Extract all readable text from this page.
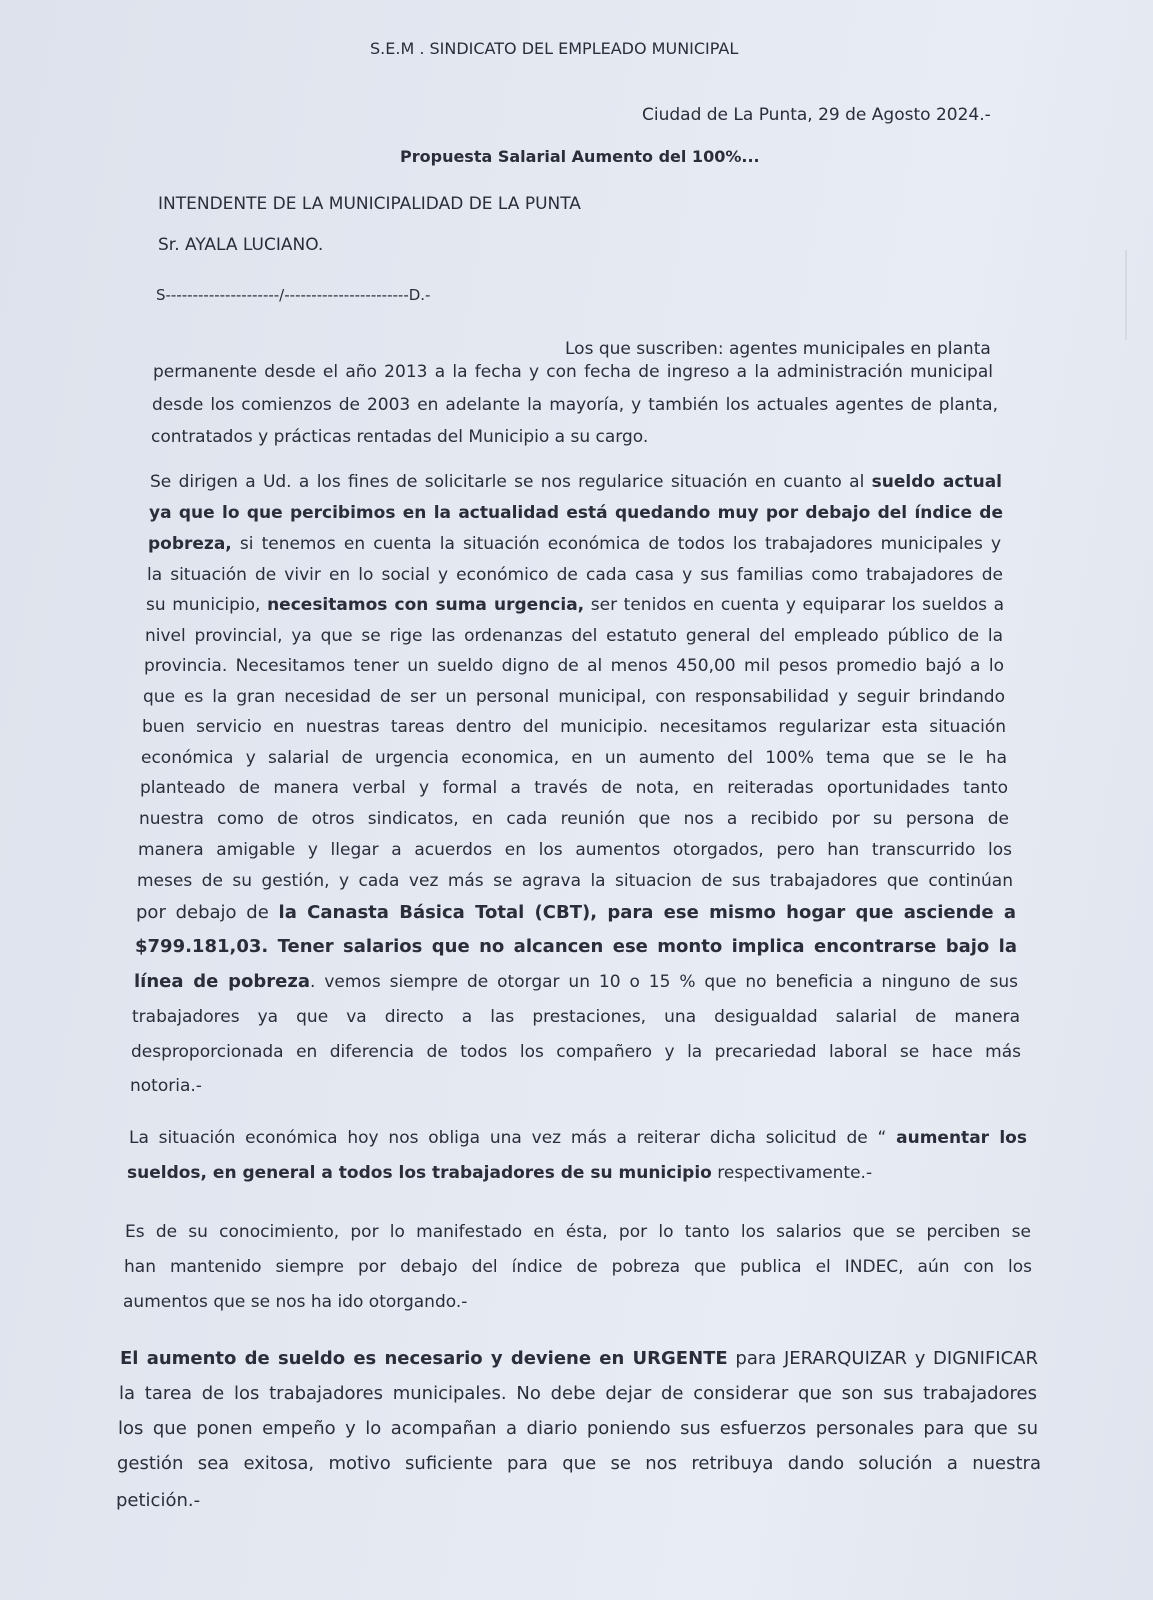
S.E.M . SINDICATO DEL EMPLEADO MUNICIPAL
Ciudad de La Punta, 29 de Agosto 2024.-
Propuesta Salarial Aumento del 100%...
INTENDENTE DE LA MUNICIPALIDAD DE LA PUNTA
Sr. AYALA LUCIANO.
S---------------------/-----------------------D.-
Los que suscriben: agentes municipales en planta
permanente desde el año 2013 a la fecha y con fecha de ingreso a la administración municipal
desde los comienzos de 2003 en adelante la mayoría, y también los actuales agentes de planta,
contratados y prácticas rentadas del Municipio a su cargo.
Se dirigen a Ud. a los fines de solicitarle se nos regularice situación en cuanto al sueldo actual
ya que lo que percibimos en la actualidad está quedando muy por debajo del índice de
pobreza, si tenemos en cuenta la situación económica de todos los trabajadores municipales y
la situación de vivir en lo social y económico de cada casa y sus familias como trabajadores de
su municipio, necesitamos con suma urgencia, ser tenidos en cuenta y equiparar los sueldos a
nivel provincial, ya que se rige las ordenanzas del estatuto general del empleado público de la
provincia. Necesitamos tener un sueldo digno de al menos 450,00 mil pesos promedio bajó a lo
que es la gran necesidad de ser un personal municipal, con responsabilidad y seguir brindando
buen servicio en nuestras tareas dentro del municipio. necesitamos regularizar esta situación
económica y salarial de urgencia economica, en un aumento del 100% tema que se le ha
planteado de manera verbal y formal a través de nota, en reiteradas oportunidades tanto
nuestra como de otros sindicatos, en cada reunión que nos a recibido por su persona de
manera amigable y llegar a acuerdos en los aumentos otorgados, pero han transcurrido los
meses de su gestión, y cada vez más se agrava la situacion de sus trabajadores que continúan
por debajo de la Canasta Básica Total (CBT), para ese mismo hogar que asciende a
$799.181,03. Tener salarios que no alcancen ese monto implica encontrarse bajo la
línea de pobreza. vemos siempre de otorgar un 10 o 15 % que no beneficia a ninguno de sus
trabajadores ya que va directo a las prestaciones, una desigualdad salarial de manera
desproporcionada en diferencia de todos los compañero y la precariedad laboral se hace más
notoria.-
La situación económica hoy nos obliga una vez más a reiterar dicha solicitud de “ aumentar los
sueldos, en general a todos los trabajadores de su municipio respectivamente.-
Es de su conocimiento, por lo manifestado en ésta, por lo tanto los salarios que se perciben se
han mantenido siempre por debajo del índice de pobreza que publica el INDEC, aún con los
aumentos que se nos ha ido otorgando.-
El aumento de sueldo es necesario y deviene en URGENTE para JERARQUIZAR y DIGNIFICAR
la tarea de los trabajadores municipales. No debe dejar de considerar que son sus trabajadores
los que ponen empeño y lo acompañan a diario poniendo sus esfuerzos personales para que su
gestión sea exitosa, motivo suficiente para que se nos retribuya dando solución a nuestra
petición.-
